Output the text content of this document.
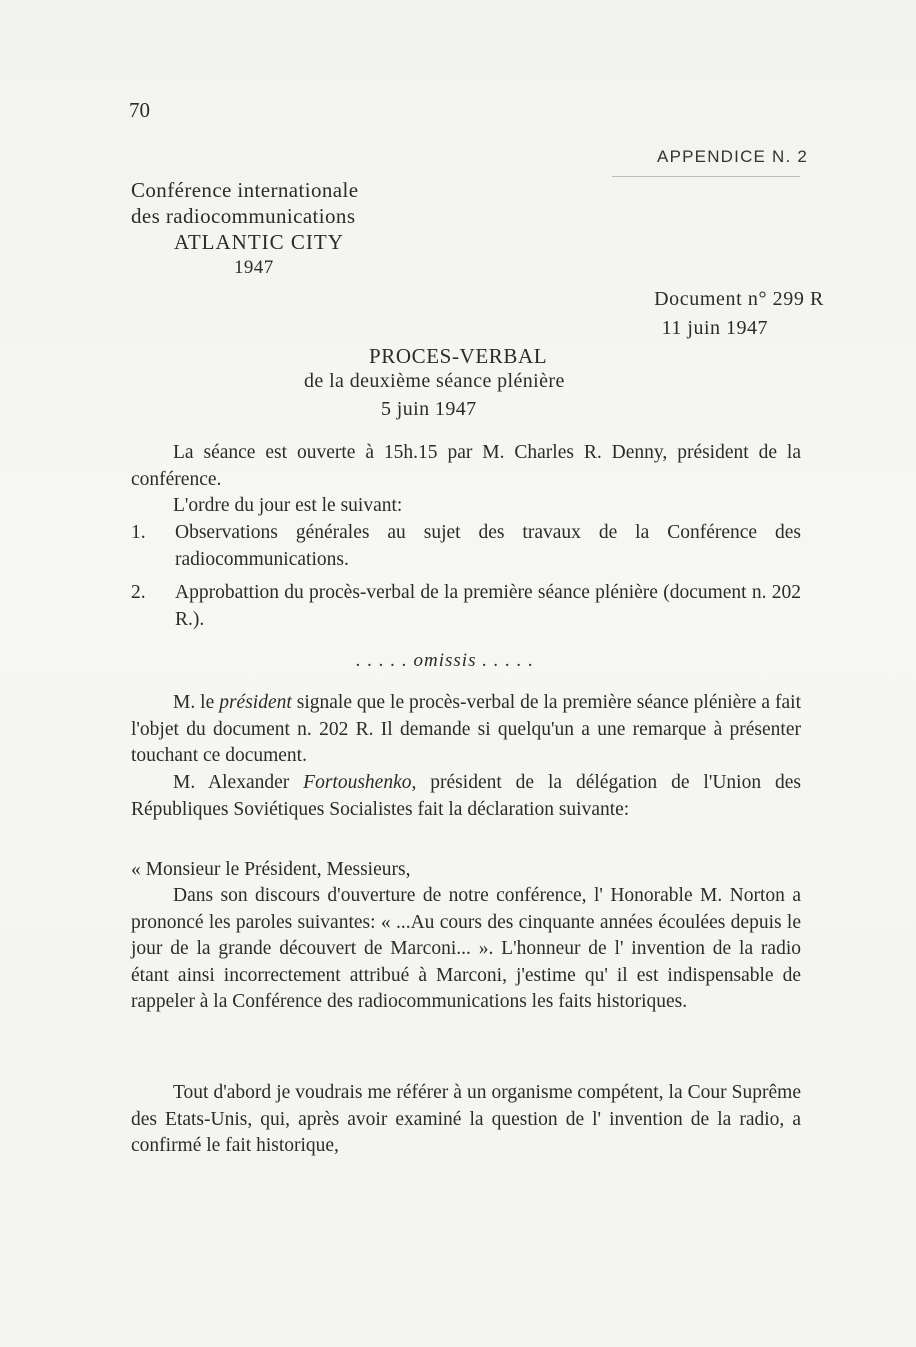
70
APPENDICE N. 2
Conférence internationale
des radiocommunications
ATLANTIC CITY
1947
Document n° 299 R
11 juin 1947
PROCES-VERBAL
de la deuxième séance plénière
5 juin 1947
La séance est ouverte à 15h.15 par M. Charles R. Denny, président de la conférence.
L'ordre du jour est le suivant:
1. Observations générales au sujet des travaux de la Conférence des radiocommunications.
2. Approbattion du procès-verbal de la première séance plénière (document n. 202 R.).
. . . . . omissis . . . . .
M. le président signale que le procès-verbal de la première séance plénière a fait l'objet du document n. 202 R. Il demande si quelqu'un a une remarque à présenter touchant ce document.
M. Alexander Fortoushenko, président de la délégation de l'Union des Républiques Soviétiques Socialistes fait la déclaration suivante:
« Monsieur le Président, Messieurs,
Dans son discours d'ouverture de notre conférence, l' Honorable M. Norton a prononcé les paroles suivantes: « ...Au cours des cinquante années écoulées depuis le jour de la grande découvert de Marconi... ». L'honneur de l' invention de la radio étant ainsi incorrectement attribué à Marconi, j'estime qu' il est indispensable de rappeler à la Conférence des radiocommunications les faits historiques.
Tout d'abord je voudrais me référer à un organisme compétent, la Cour Suprême des Etats-Unis, qui, après avoir examiné la question de l' invention de la radio, a confirmé le fait historique,
